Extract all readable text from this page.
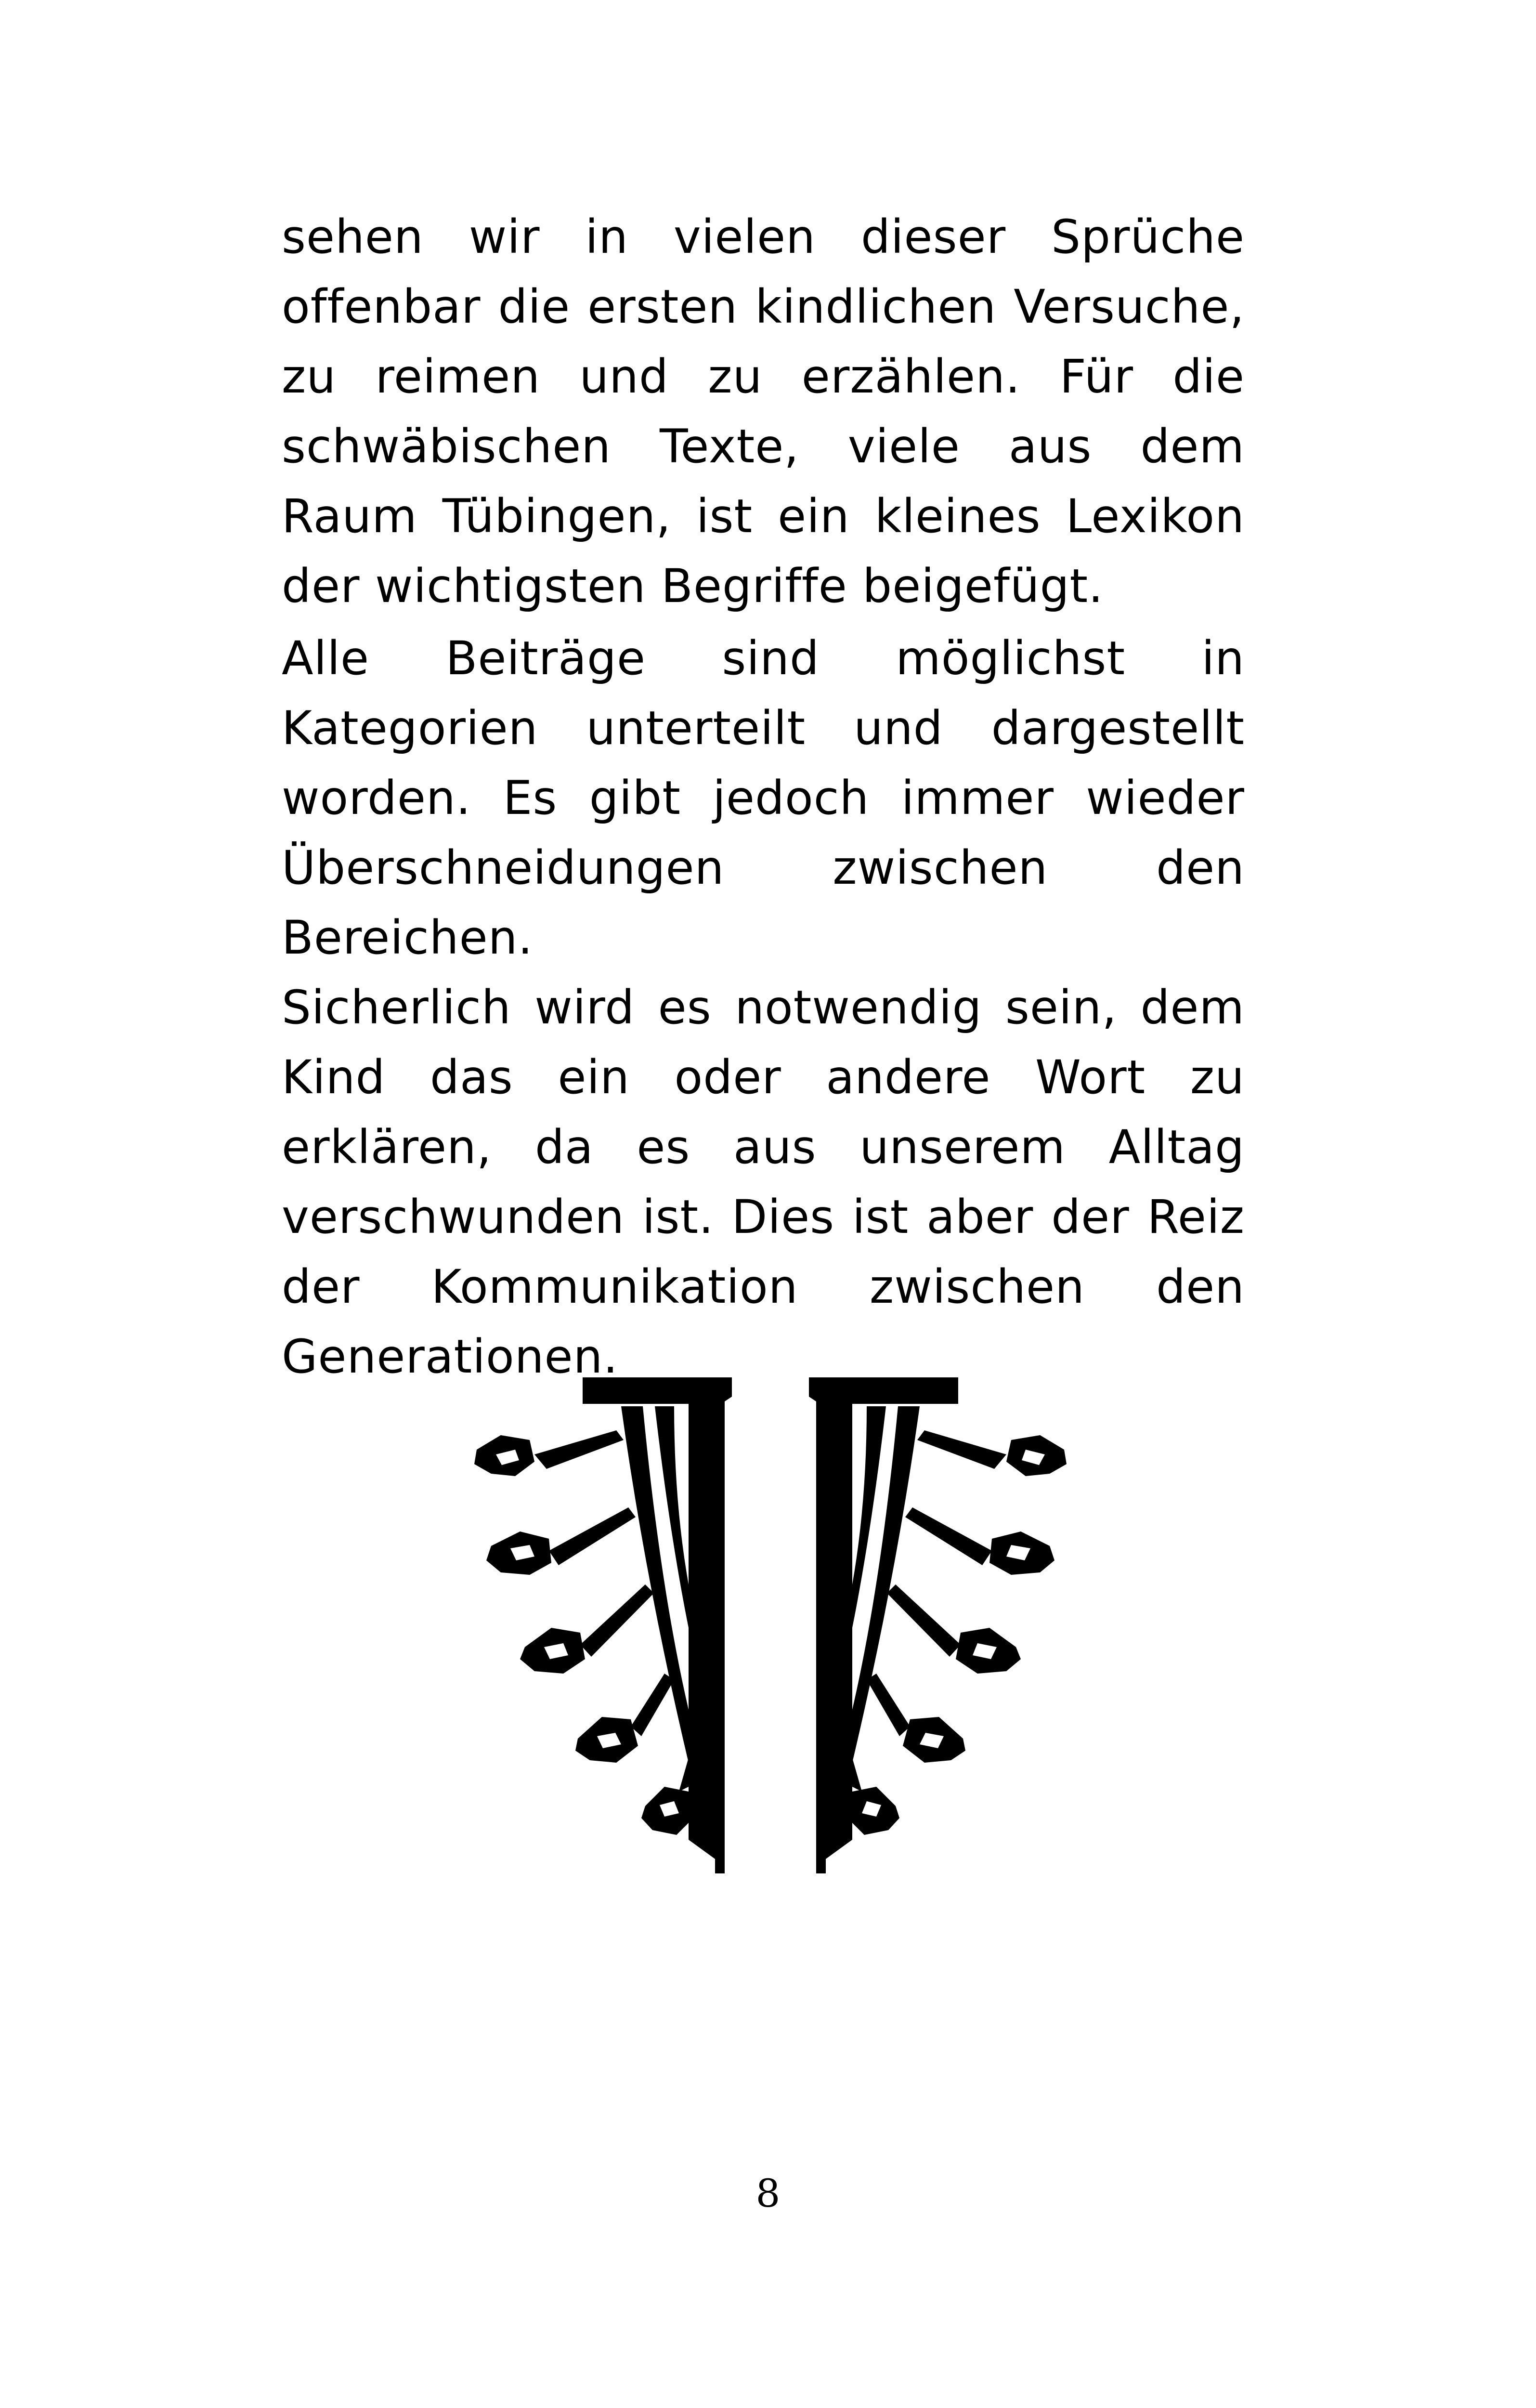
sehen wir in vielen dieser Sprüche offenbar die ersten kindlichen Versuche, zu reimen und zu erzählen. Für die schwäbischen Texte, viele aus dem Raum Tübingen, ist ein kleines Lexikon der wichtigsten Begriffe beigefügt.

Alle Beiträge sind möglichst in Kategorien unterteilt und dargestellt worden. Es gibt jedoch immer wieder Überschneidungen zwischen den Bereichen.

Sicherlich wird es notwendig sein, dem Kind das ein oder andere Wort zu erklären, da es aus unserem Alltag verschwunden ist. Dies ist aber der Reiz der Kommunikation zwischen den Generationen.

8
